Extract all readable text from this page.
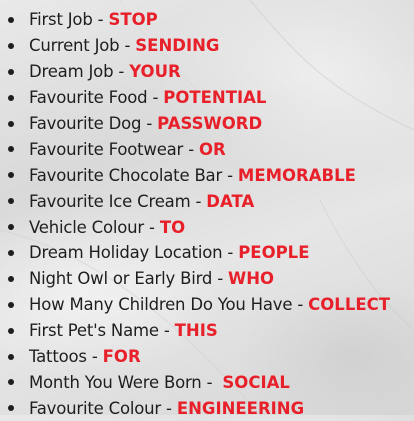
First Job - STOP
Current Job - SENDING
Dream Job - YOUR
Favourite Food - POTENTIAL
Favourite Dog - PASSWORD
Favourite Footwear - OR
Favourite Chocolate Bar - MEMORABLE
Favourite Ice Cream - DATA
Vehicle Colour - TO
Dream Holiday Location - PEOPLE
Night Owl or Early Bird - WHO
How Many Children Do You Have - COLLECT
First Pet's Name - THIS
Tattoos - FOR
Month You Were Born - SOCIAL
Favourite Colour - ENGINEERING
